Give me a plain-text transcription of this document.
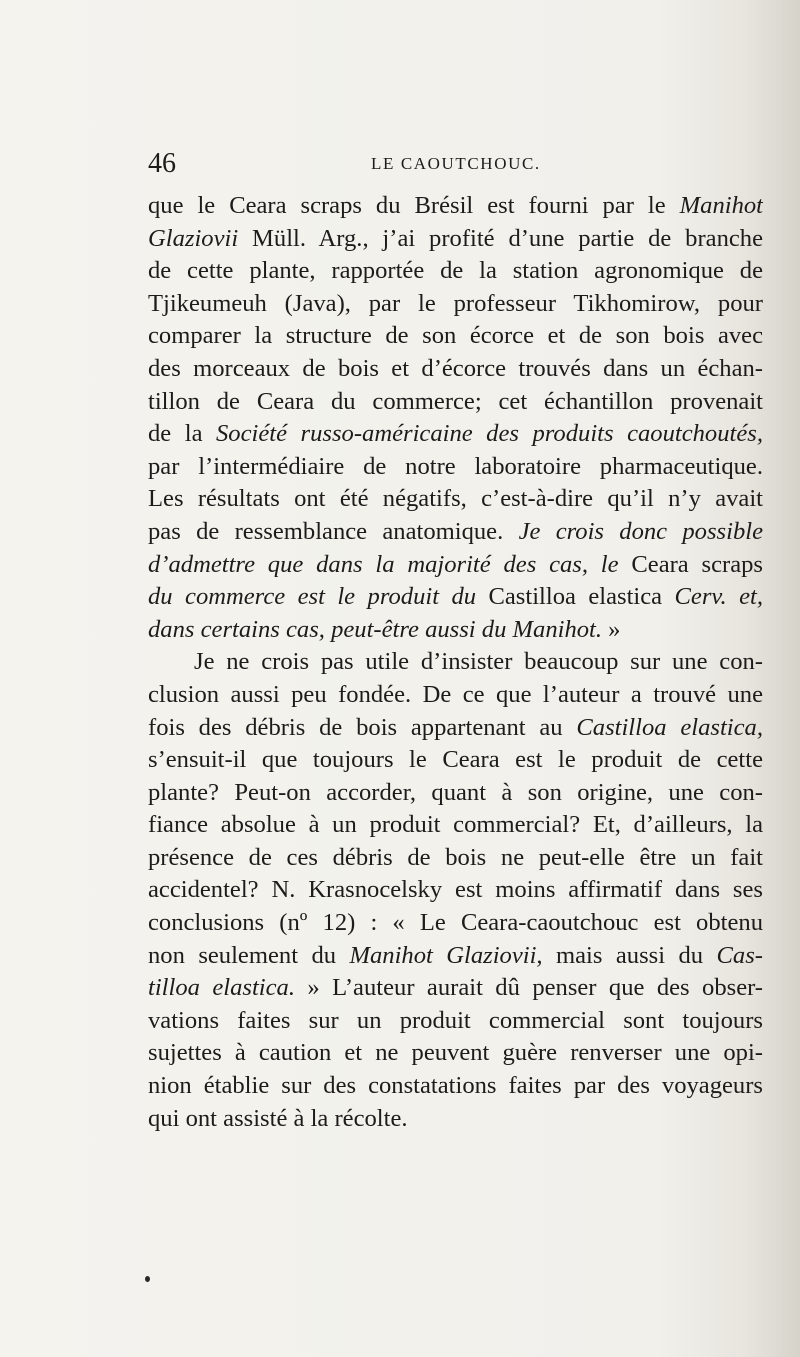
46	LE CAOUTCHOUC.
que le Ceara scraps du Brésil est fourni par le Manihot
Glaziovii Müll. Arg., j’ai profité d’une partie de branche
de cette plante, rapportée de la station agronomique de
Tjikeumeuh (Java), par le professeur Tikhomirow, pour
comparer la structure de son écorce et de son bois avec
des morceaux de bois et d’écorce trouvés dans un échan-
tillon de Ceara du commerce; cet échantillon provenait
de la Société russo-américaine des produits caoutchoutés,
par l’intermédiaire de notre laboratoire pharmaceutique.
Les résultats ont été négatifs, c’est-à-dire qu’il n’y avait
pas de ressemblance anatomique. Je crois donc possible
d’admettre que dans la majorité des cas, le Ceara scraps
du commerce est le produit du Castilloa elastica Cerv. et,
dans certains cas, peut-être aussi du Manihot. »
Je ne crois pas utile d’insister beaucoup sur une con-
clusion aussi peu fondée. De ce que l’auteur a trouvé une
fois des débris de bois appartenant au Castilloa elastica,
s’ensuit-il que toujours le Ceara est le produit de cette
plante? Peut-on accorder, quant à son origine, une con-
fiance absolue à un produit commercial? Et, d’ailleurs, la
présence de ces débris de bois ne peut-elle être un fait
accidentel? N. Krasnocelsky est moins affirmatif dans ses
conclusions (nº 12) : « Le Ceara-caoutchouc est obtenu
non seulement du Manihot Glaziovii, mais aussi du Cas-
tilloa elastica. » L’auteur aurait dû penser que des obser-
vations faites sur un produit commercial sont toujours
sujettes à caution et ne peuvent guère renverser une opi-
nion établie sur des constatations faites par des voyageurs
qui ont assisté à la récolte.
